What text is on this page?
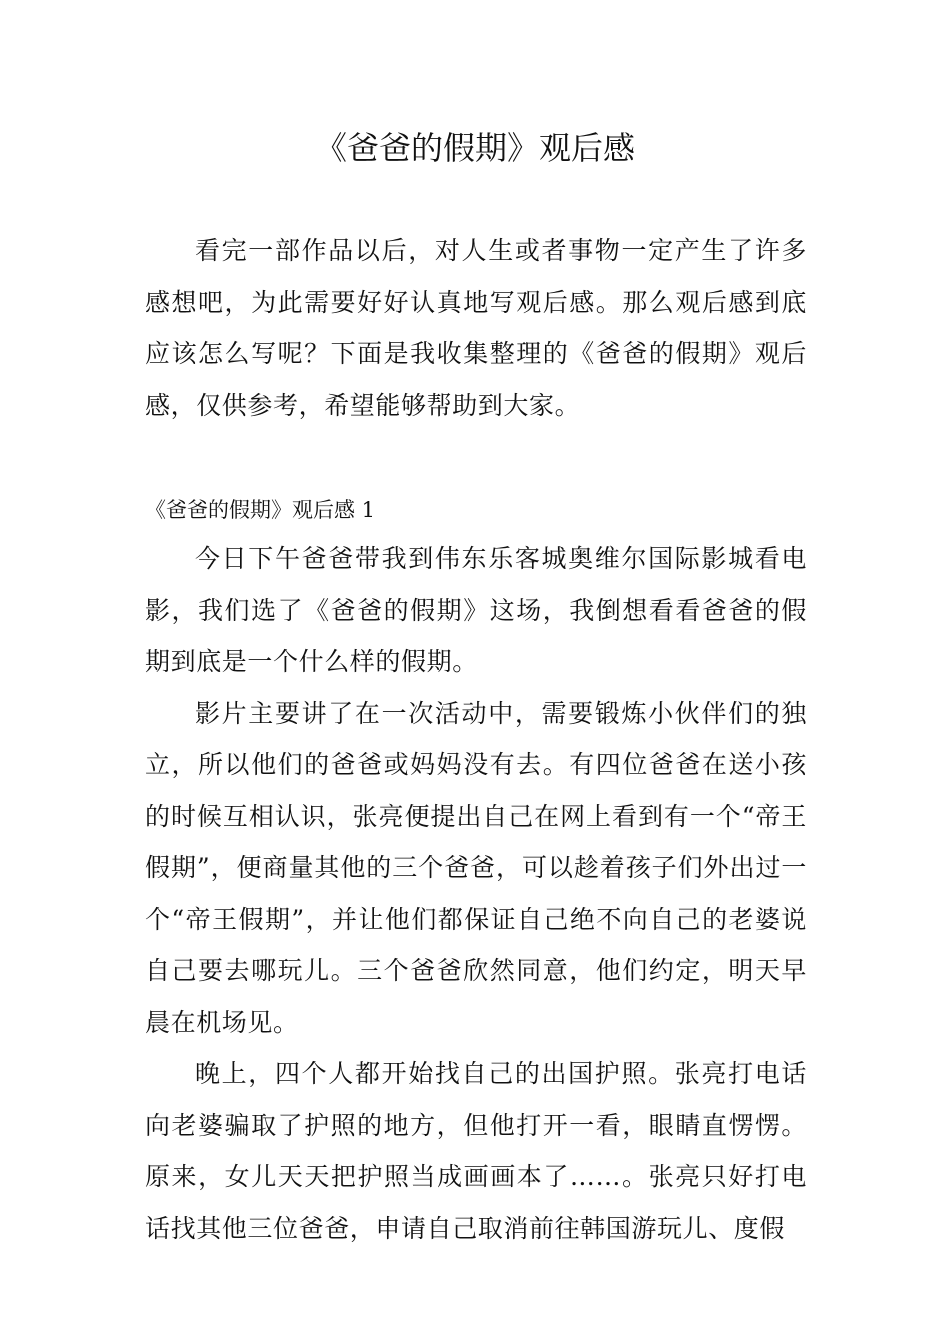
《爸爸的假期》观后感

看完一部作品以后，对人生或者事物一定产生了许多感想吧，为此需要好好认真地写观后感。那么观后感到底应该怎么写呢？下面是我收集整理的《爸爸的假期》观后感，仅供参考，希望能够帮助到大家。

《爸爸的假期》观后感 1

今日下午爸爸带我到伟东乐客城奥维尔国际影城看电影，我们选了《爸爸的假期》这场，我倒想看看爸爸的假期到底是一个什么样的假期。

影片主要讲了在一次活动中，需要锻炼小伙伴们的独立，所以他们的爸爸或妈妈没有去。有四位爸爸在送小孩的时候互相认识，张亮便提出自己在网上看到有一个“帝王假期”，便商量其他的三个爸爸，可以趁着孩子们外出过一个“帝王假期”，并让他们都保证自己绝不向自己的老婆说自己要去哪玩儿。三个爸爸欣然同意，他们约定，明天早晨在机场见。

晚上，四个人都开始找自己的出国护照。张亮打电话向老婆骗取了护照的地方，但他打开一看，眼睛直愣愣。原来，女儿天天把护照当成画画本了……。张亮只好打电话找其他三位爸爸，申请自己取消前往韩国游玩儿、度假
